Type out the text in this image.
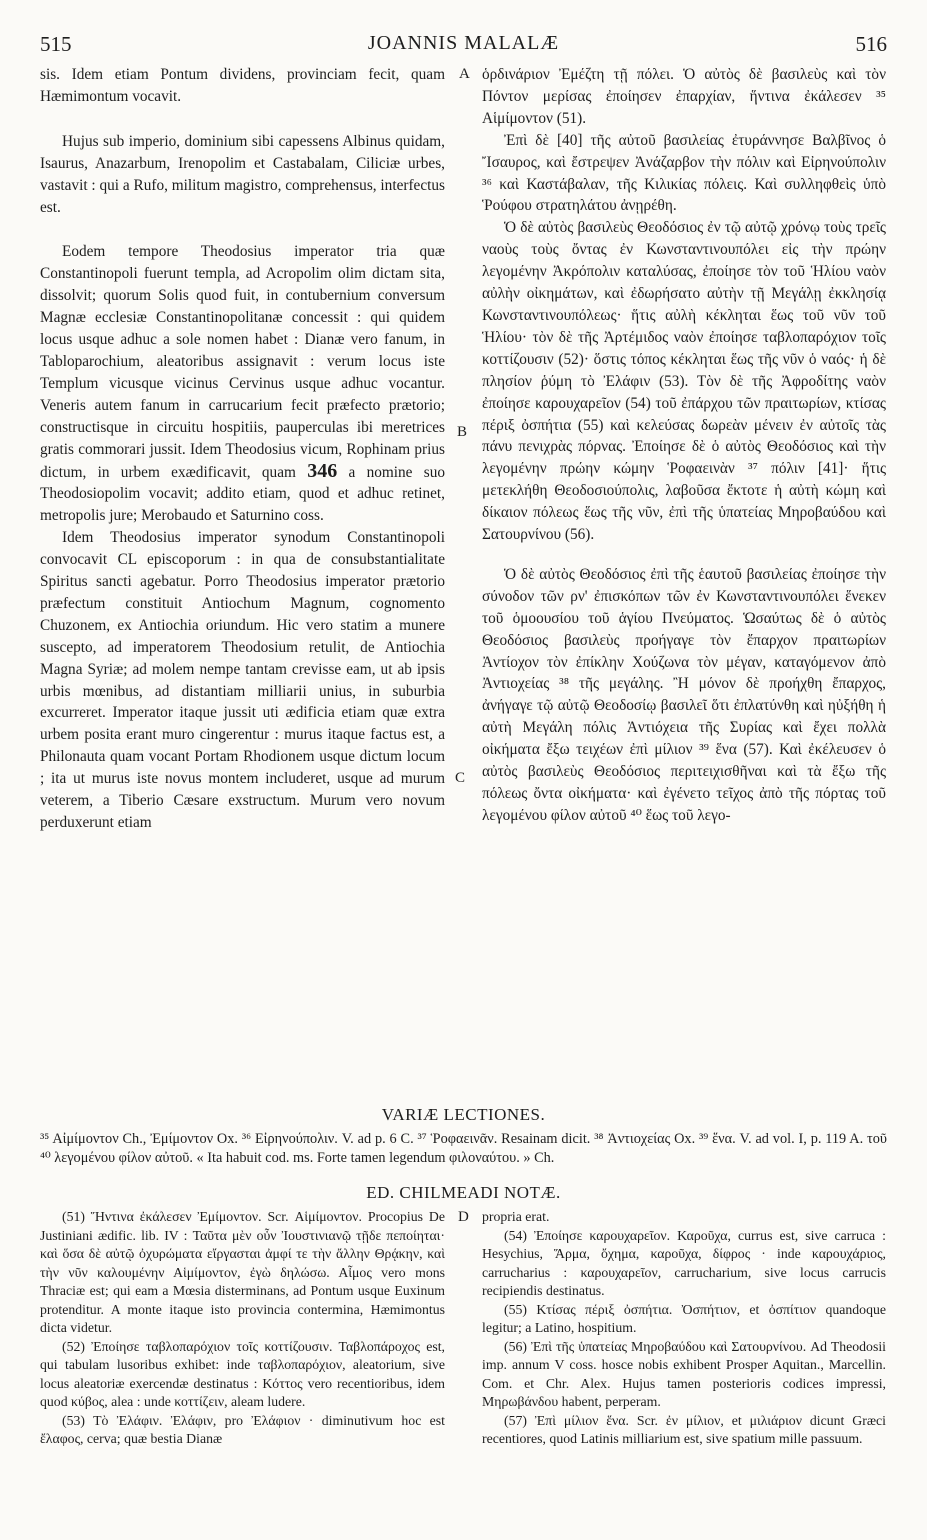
515	JOANNIS MALALÆ	516

sis. Idem etiam Pontum dividens, provinciam fecit, quam Hæmimontum vocavit.

Hujus sub imperio, dominium sibi capessens Albinus quidam, Isaurus, Anazarbum, Irenopolim et Castabalam, Ciliciæ urbes, vastavit : qui a Rufo, militum magistro, comprehensus, interfectus est.

Eodem tempore Theodosius imperator tria quæ Constantinopoli fuerunt templa, ad Acropolim olim dictam sita, dissolvit; quorum Solis quod fuit, in contubernium conversum Magnæ ecclesiæ Constantinopolitanæ concessit : qui quidem locus usque adhuc a sole nomen habet : Dianæ vero fanum, in Tabloparochium, aleatoribus assignavit : verum locus iste Templum vicusque vicinus Cervinus usque adhuc vocantur. Veneris autem fanum in carrucarium fecit præfecto prætorio; constructisque in circuitu hospitiis, pauperculas ibi meretrices gratis commorari jussit. Idem Theodosius vicum, Rophinam prius dictum, in urbem exædificavit, quam 346 a nomine suo Theodosiopolim vocavit; addito etiam, quod et adhuc retinet, metropolis jure; Merobaudo et Saturnino coss.

Idem Theodosius imperator synodum Constantinopoli convocavit CL episcoporum : in qua de consubstantialitate Spiritus sancti agebatur. Porro Theodosius imperator prætorio præfectum constituit Antiochum Magnum, cognomento Chuzonem, ex Antiochia oriundum. Hic vero statim a munere suscepto, ad imperatorem Theodosium retulit, de Antiochia Magna Syriæ; ad molem nempe tantam crevisse eam, ut ab ipsis urbis mœnibus, ad distantiam milliarii unius, in suburbia excurreret. Imperator itaque jussit uti ædificia etiam quæ extra urbem posita erant muro cingerentur : murus itaque factus est, a Philonauta quam vocant Portam Rhodionem usque dictum locum ; ita ut murus iste novus montem includeret, usque ad murum veterem, a Tiberio Cæsare exstructum. Murum vero novum perduxerunt etiam

A
B
C

ὁρδινάριον Ἐμέζτη τῇ πόλει. Ὁ αὐτὸς δὲ βασιλεὺς καὶ τὸν Πόντον μερίσας ἐποίησεν ἐπαρχίαν, ἥντινα ἐκάλεσεν ³⁵ Αἱμίμοντον (51).

Ἐπὶ δὲ [40] τῆς αὐτοῦ βασιλείας ἐτυράννησε Βαλβῖνος ὁ Ἴσαυρος, καὶ ἔστρεψεν Ἀνάζαρβον τὴν πόλιν καὶ Εἰρηνούπολιν ³⁶ καὶ Καστάβαλαν, τῆς Κιλικίας πόλεις. Καὶ συλληφθεὶς ὑπὸ Ῥούφου στρατηλάτου ἀνῃρέθη.

Ὁ δὲ αὐτὸς βασιλεὺς Θεοδόσιος ἐν τῷ αὐτῷ χρόνῳ τοὺς τρεῖς ναοὺς τοὺς ὄντας ἐν Κωνσταντινουπόλει εἰς τὴν πρώην λεγομένην Ἀκρόπολιν καταλύσας, ἐποίησε τὸν τοῦ Ἡλίου ναὸν αὐλὴν οἰκημάτων, καὶ ἐδωρήσατο αὐτὴν τῇ Μεγάλῃ ἐκκλησίᾳ Κωνσταντινουπόλεως· ἥτις αὐλὴ κέκληται ἕως τοῦ νῦν τοῦ Ἡλίου· τὸν δὲ τῆς Ἀρτέμιδος ναὸν ἐποίησε ταβλοπαρόχιον τοῖς κοττίζουσιν (52)· ὅστις τόπος κέκληται ἕως τῆς νῦν ὁ ναός· ἡ δὲ πλησίον ῥύμη τὸ Ἐλάφιν (53). Τὸν δὲ τῆς Ἀφροδίτης ναὸν ἐποίησε καρουχαρεῖον (54) τοῦ ἐπάρχου τῶν πραιτωρίων, κτίσας πέριξ ὀσπήτια (55) καὶ κελεύσας δωρεὰν μένειν ἐν αὐτοῖς τὰς πάνυ πενιχρὰς πόρνας. Ἐποίησε δὲ ὁ αὐτὸς Θεοδόσιος καὶ τὴν λεγομένην πρώην κώμην Ῥοφαεινὰν ³⁷ πόλιν [41]· ἥτις μετεκλήθη Θεοδοσιούπολις, λαβοῦσα ἔκτοτε ἡ αὐτὴ κώμη καὶ δίκαιον πόλεως ἕως τῆς νῦν, ἐπὶ τῆς ὑπατείας Μηροβαύδου καὶ Σατουρνίνου (56).

Ὁ δὲ αὐτὸς Θεοδόσιος ἐπὶ τῆς ἑαυτοῦ βασιλείας ἐποίησε τὴν σύνοδον τῶν ρν' ἐπισκόπων τῶν ἐν Κωνσταντινουπόλει ἕνεκεν τοῦ ὁμοουσίου τοῦ ἁγίου Πνεύματος. Ὡσαύτως δὲ ὁ αὐτὸς Θεοδόσιος βασιλεὺς προήγαγε τὸν ἔπαρχον πραιτωρίων Ἀντίοχον τὸν ἐπίκλην Χούζωνα τὸν μέγαν, καταγόμενον ἀπὸ Ἀντιοχείας ³⁸ τῆς μεγάλης. Ἢ μόνον δὲ προήχθη ἔπαρχος, ἀνήγαγε τῷ αὐτῷ Θεοδοσίῳ βασιλεῖ ὅτι ἐπλατύνθη καὶ ηὐξήθη ἡ αὐτὴ Μεγάλη πόλις Ἀντιόχεια τῆς Συρίας καὶ ἔχει πολλὰ οἰκήματα ἔξω τειχέων ἐπὶ μίλιον ³⁹ ἕνα (57). Καὶ ἐκέλευσεν ὁ αὐτὸς βασιλεὺς Θεοδόσιος περιτειχισθῆναι καὶ τὰ ἔξω τῆς πόλεως ὄντα οἰκήματα· καὶ ἐγένετο τεῖχος ἀπὸ τῆς πόρτας τοῦ λεγομένου φίλον αὐτοῦ ⁴⁰ ἕως τοῦ λεγο-

VARIÆ LECTIONES.
³⁵ Αἰμίμοντον Ch., Ἐμίμοντον Ox. ³⁶ Εἰρηνούπολιν. V. ad p. 6 C. ³⁷ Ῥοφαεινᾶν. Resainam dicit. ³⁸ Ἀντιοχείας Ox. ³⁹ ἕνα. V. ad vol. I, p. 119 A. τοῦ ⁴⁰ λεγομένου φίλον αὐτοῦ. « Ita habuit cod. ms. Forte tamen legendum φιλοναύτου. » Ch.
ED. CHILMEADI NOTÆ.
D

(51) Ἥντινα ἐκάλεσεν Ἐμίμοντον. Scr. Αἱμίμοντον. Procopius De Justiniani ædific. lib. IV : Ταῦτα μὲν οὖν Ἰουστινιανῷ τῇδε πεποίηται· καὶ ὅσα δὲ αὐτῷ ὀχυρώματα εἴργασται ἀμφί τε τὴν ἄλλην Θρᾴκην, καὶ τὴν νῦν καλουμένην Αἱμίμοντον, ἐγὼ δηλώσω. Αἷμος vero mons Thraciæ est; qui eam a Mœsia disterminans, ad Pontum usque Euxinum protenditur. A monte itaque isto provincia contermina, Hæmimontus dicta videtur.

(52) Ἐποίησε ταβλοπαρόχιον τοῖς κοττίζουσιν. Ταβλοπάροχος est, qui tabulam lusoribus exhibet: inde ταβλοπαρόχιον, aleatorium, sive locus aleatoriæ exercendæ destinatus : Κόττος vero recentioribus, idem quod κύβος, alea : unde κοττίζειν, aleam ludere.

(53) Τὸ Ἐλάφιν. Ἐλάφιν, pro Ἐλάφιον · diminutivum hoc est ἔλαφος, cerva; quæ bestia Dianæ

propria erat.

(54) Ἐποίησε καρουχαρεῖον. Καροῦχα, currus est, sive carruca : Hesychius, Ἅρμα, ὄχημα, καροῦχα, δίφρος · inde καρουχάριος, carrucharius : καρουχαρεῖον, carrucharium, sive locus carrucis recipiendis destinatus.

(55) Κτίσας πέριξ ὀσπήτια. Ὀσπήτιον, et ὀσπίτιον quandoque legitur; a Latino, hospitium.

(56) Ἐπὶ τῆς ὑπατείας Μηροβαύδου καὶ Σατουρνίνου. Ad Theodosii imp. annum V coss. hosce nobis exhibent Prosper Aquitan., Marcellin. Com. et Chr. Alex. Hujus tamen posterioris codices impressi, Μηρωβάνδου habent, perperam.

(57) Ἐπὶ μίλιον ἕνα. Scr. ἐν μίλιον, et μιλιάριον dicunt Græci recentiores, quod Latinis milliarium est, sive spatium mille passuum.
